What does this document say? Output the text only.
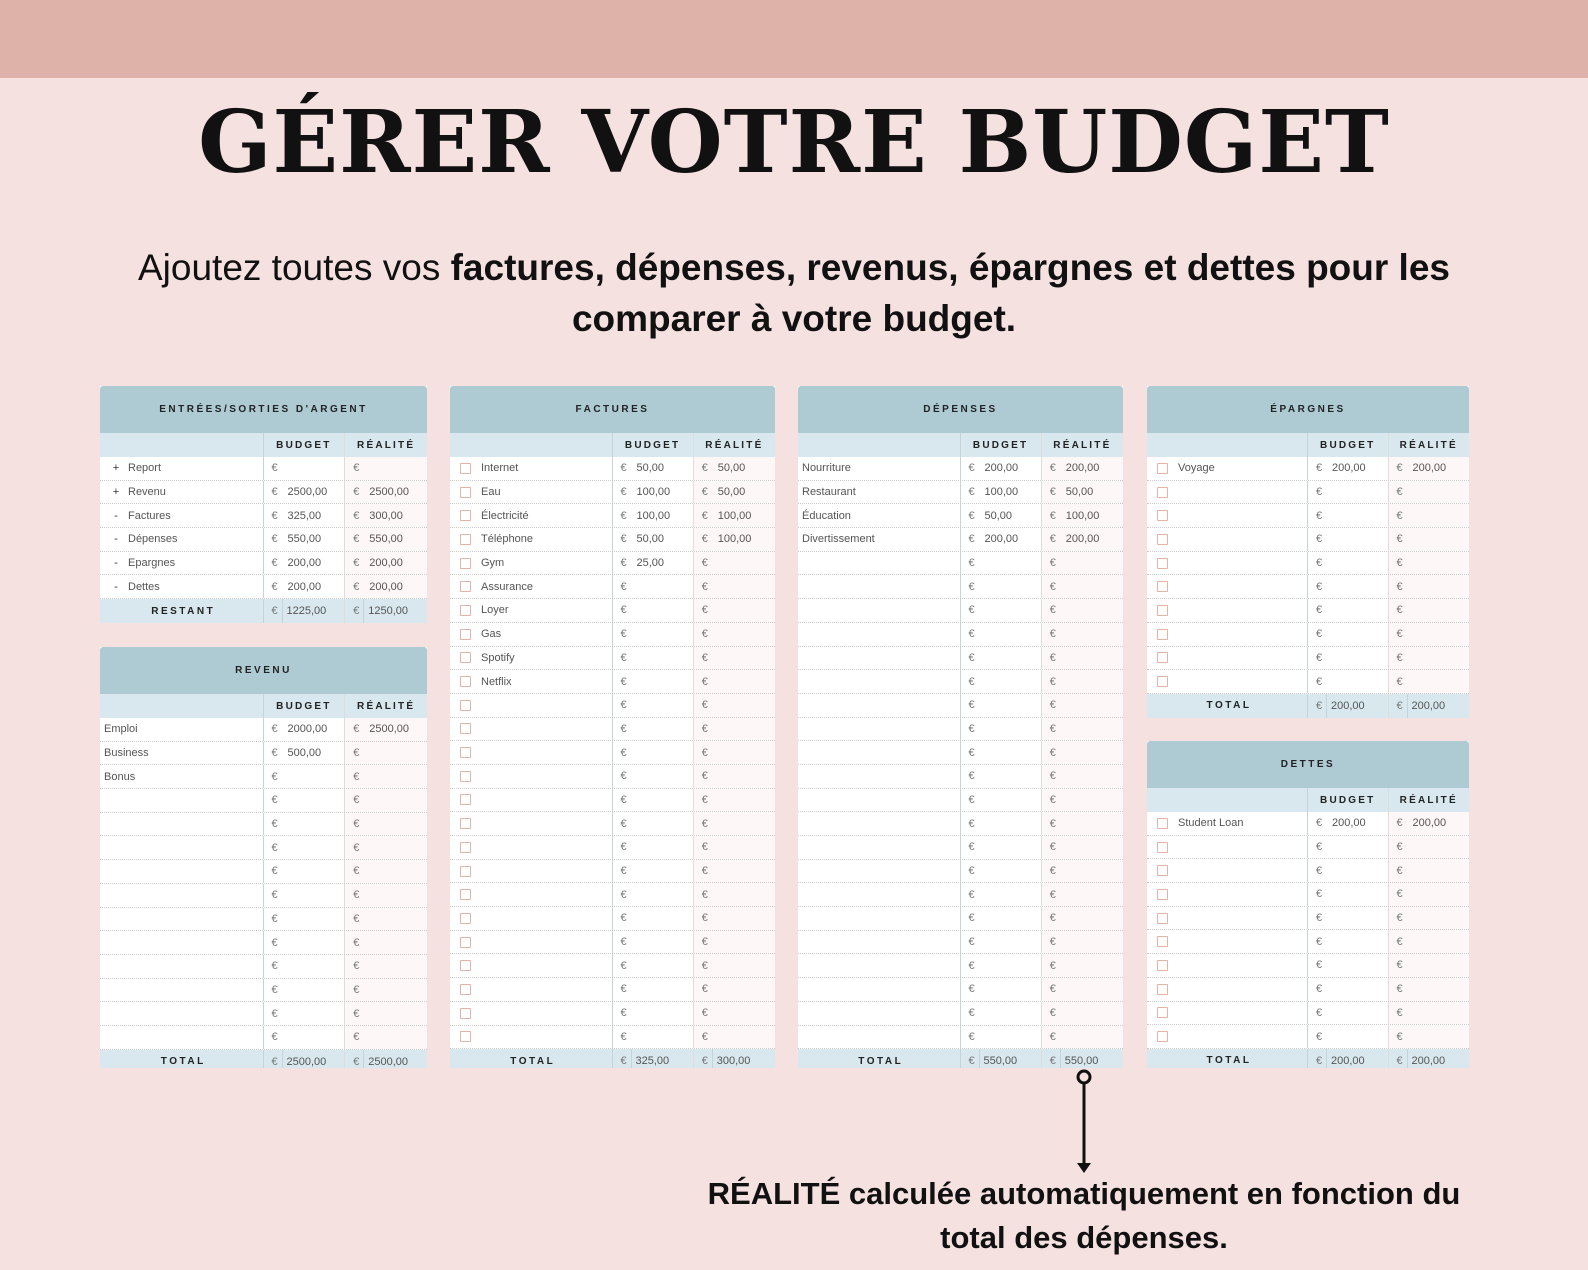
GÉRER VOTRE BUDGET

Ajoutez toutes vos factures, dépenses, revenus, épargnes et dettes pour les comparer à votre budget.

ENTRÉES/SORTIES D'ARGENT
BUDGET	RÉALITÉ
+ Report	€	€
+ Revenu	€ 2500,00	€ 2500,00
- Factures	€ 325,00	€ 300,00
- Dépenses	€ 550,00	€ 550,00
- Epargnes	€ 200,00	€ 200,00
- Dettes	€ 200,00	€ 200,00
RESTANT	€ 1225,00	€ 1250,00
REVENU
BUDGET	RÉALITÉ
Emploi	€ 2000,00	€ 2500,00
Business	€ 500,00	€
Bonus	€	€
€	€
€	€
€	€
€	€
€	€
€	€
€	€
€	€
€	€
€	€
€	€
TOTAL	€ 2500,00	€ 2500,00
FACTURES
BUDGET	RÉALITÉ
Internet	€ 50,00	€ 50,00
Eau	€ 100,00	€ 50,00
Électricité	€ 100,00	€ 100,00
Téléphone	€ 50,00	€ 100,00
Gym	€ 25,00	€
Assurance	€	€
Loyer	€	€
Gas	€	€
Spotify	€	€
Netflix	€	€
€	€
€	€
€	€
€	€
€	€
€	€
€	€
€	€
€	€
€	€
€	€
€	€
€	€
€	€
€	€
TOTAL	€ 325,00	€ 300,00
DÉPENSES
BUDGET	RÉALITÉ
Nourriture	€ 200,00	€ 200,00
Restaurant	€ 100,00	€ 50,00
Éducation	€ 50,00	€ 100,00
Divertissement	€ 200,00	€ 200,00
€	€
€	€
€	€
€	€
€	€
€	€
€	€
€	€
€	€
€	€
€	€
€	€
€	€
€	€
€	€
€	€
€	€
€	€
€	€
€	€
€	€
TOTAL	€ 550,00	€ 550,00
ÉPARGNES
BUDGET	RÉALITÉ
Voyage	€ 200,00	€ 200,00
€	€
€	€
€	€
€	€
€	€
€	€
€	€
€	€
€	€
TOTAL	€ 200,00	€ 200,00
DETTES
BUDGET	RÉALITÉ
Student Loan	€ 200,00	€ 200,00
€	€
€	€
€	€
€	€
€	€
€	€
€	€
€	€
€	€
TOTAL	€ 200,00	€ 200,00

RÉALITÉ calculée automatiquement en fonction du total des dépenses.
